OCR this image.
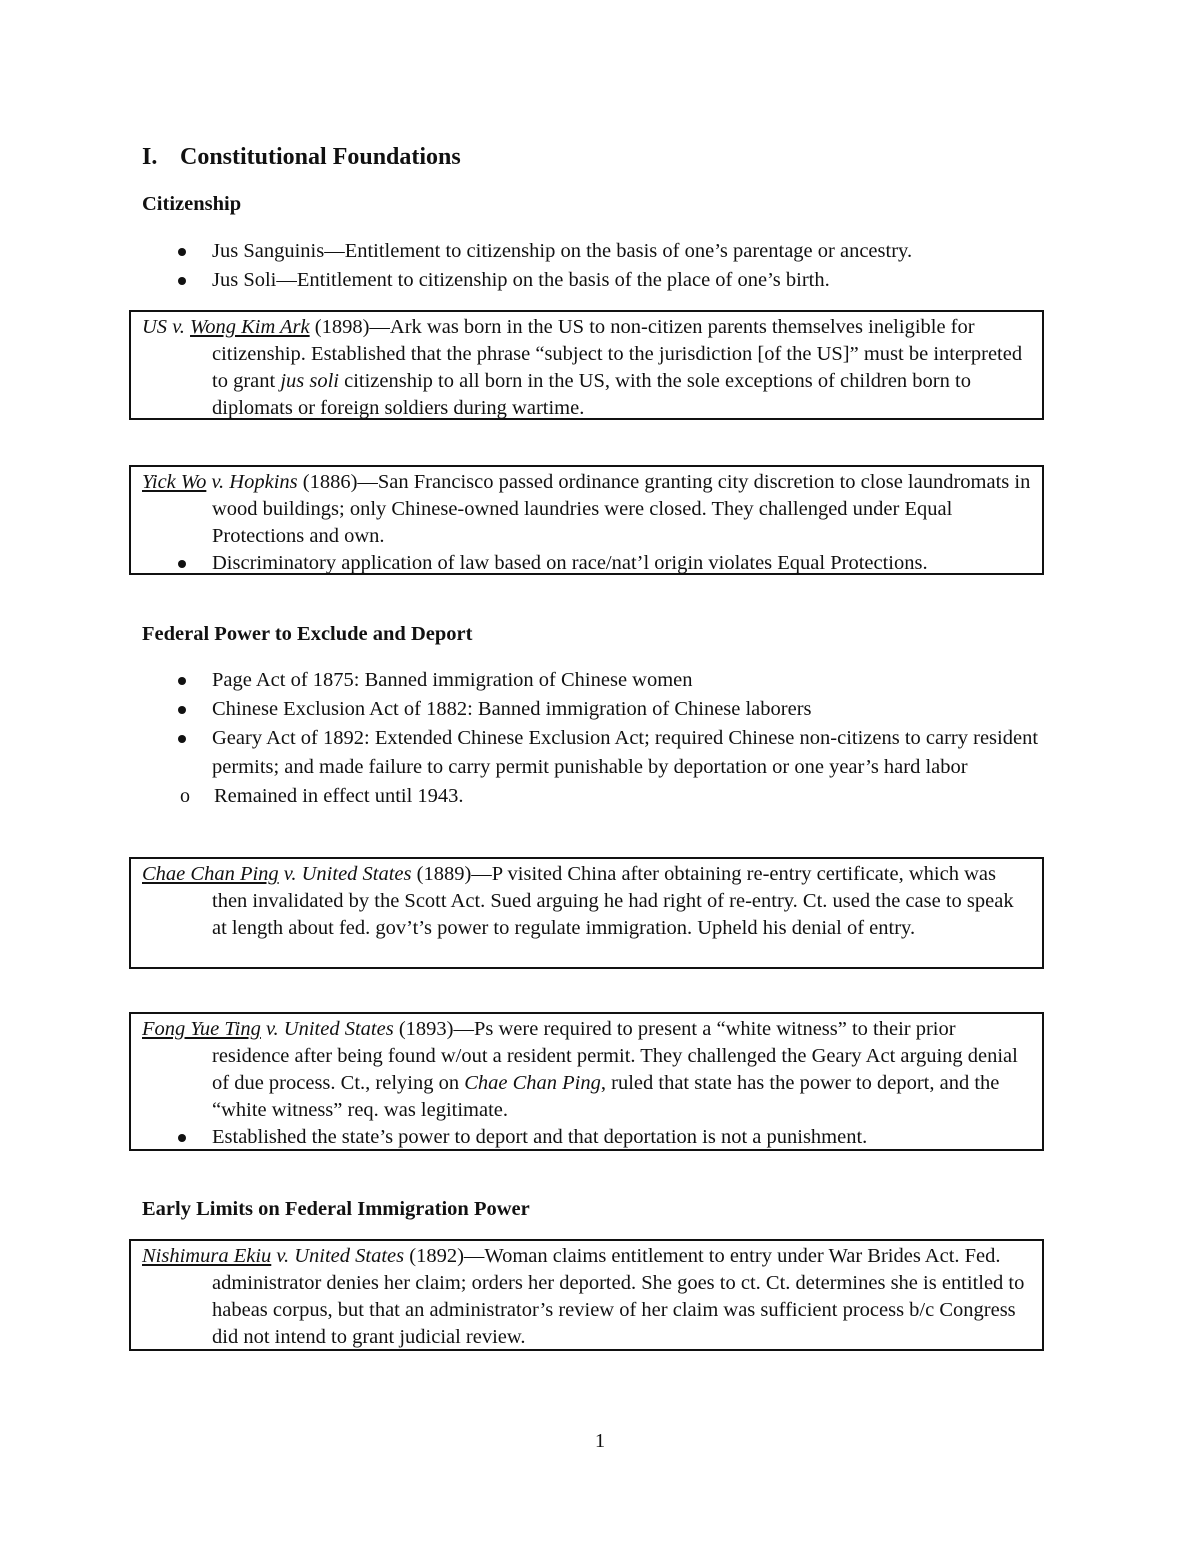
I. Constitutional Foundations
Citizenship
Jus Sanguinis—Entitlement to citizenship on the basis of one’s parentage or ancestry.
Jus Soli—Entitlement to citizenship on the basis of the place of one’s birth.

US v. Wong Kim Ark (1898)—Ark was born in the US to non-citizen parents themselves ineligible for citizenship. Established that the phrase “subject to the jurisdiction [of the US]” must be interpreted to grant jus soli citizenship to all born in the US, with the sole exceptions of children born to diplomats or foreign soldiers during wartime.

Yick Wo v. Hopkins (1886)—San Francisco passed ordinance granting city discretion to close laundromats in wood buildings; only Chinese-owned laundries were closed. They challenged under Equal Protections and own.

Discriminatory application of law based on race/nat’l origin violates Equal Protections.
Federal Power to Exclude and Deport
Page Act of 1875: Banned immigration of Chinese women
Chinese Exclusion Act of 1882: Banned immigration of Chinese laborers
Geary Act of 1892: Extended Chinese Exclusion Act; required Chinese non-citizens to carry resident permits; and made failure to carry permit punishable by deportation or one year’s hard labor
o Remained in effect until 1943.

Chae Chan Ping v. United States (1889)—P visited China after obtaining re-entry certificate, which was then invalidated by the Scott Act. Sued arguing he had right of re-entry. Ct. used the case to speak at length about fed. gov’t’s power to regulate immigration. Upheld his denial of entry.

Fong Yue Ting v. United States (1893)—Ps were required to present a “white witness” to their prior residence after being found w/out a resident permit. They challenged the Geary Act arguing denial of due process. Ct., relying on Chae Chan Ping, ruled that state has the power to deport, and the “white witness” req. was legitimate.

Established the state’s power to deport and that deportation is not a punishment.
Early Limits on Federal Immigration Power

Nishimura Ekiu v. United States (1892)—Woman claims entitlement to entry under War Brides Act. Fed. administrator denies her claim; orders her deported. She goes to ct. Ct. determines she is entitled to habeas corpus, but that an administrator’s review of her claim was sufficient process b/c Congress did not intend to grant judicial review.

1
